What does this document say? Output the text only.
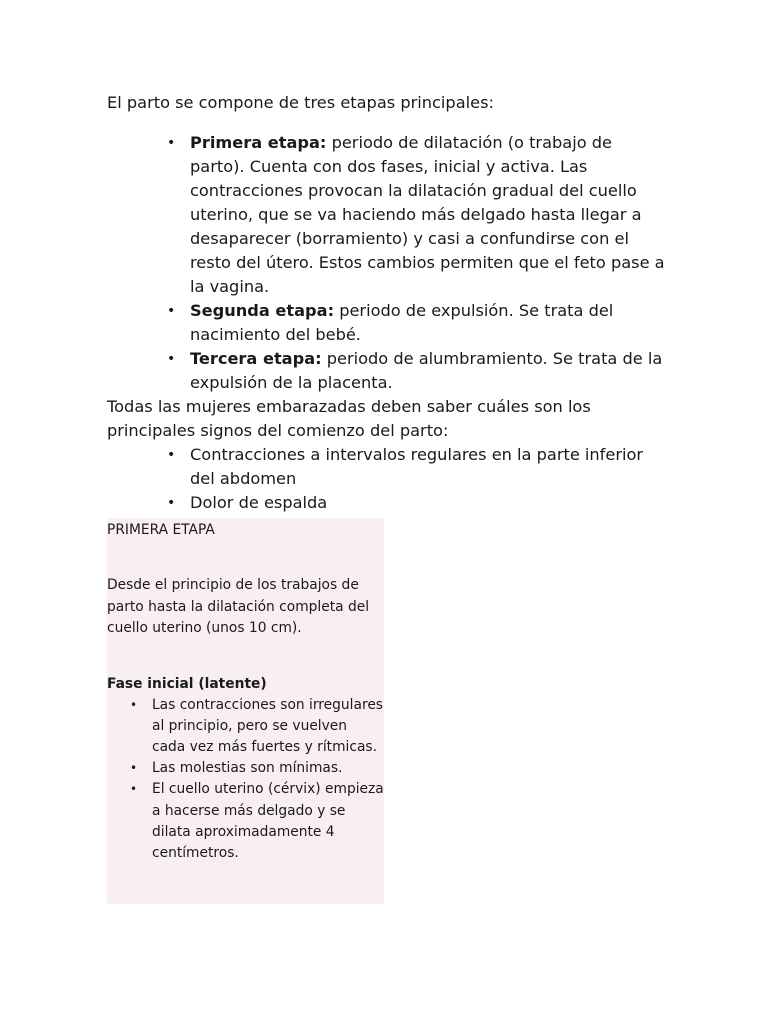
El parto se compone de tres etapas principales:

• Primera etapa: periodo de dilatación (o trabajo de parto). Cuenta con dos fases, inicial y activa. Las contracciones provocan la dilatación gradual del cuello uterino, que se va haciendo más delgado hasta llegar a desaparecer (borramiento) y casi a confundirse con el resto del útero. Estos cambios permiten que el feto pase a la vagina.
• Segunda etapa: periodo de expulsión. Se trata del nacimiento del bebé.
• Tercera etapa: periodo de alumbramiento. Se trata de la expulsión de la placenta.

Todas las mujeres embarazadas deben saber cuáles son los principales signos del comienzo del parto:

• Contracciones a intervalos regulares en la parte inferior del abdomen
• Dolor de espalda

PRIMERA ETAPA

Desde el principio de los trabajos de parto hasta la dilatación completa del cuello uterino (unos 10 cm).

Fase inicial (latente)

• Las contracciones son irregulares al principio, pero se vuelven cada vez más fuertes y rítmicas.
• Las molestias son mínimas.
• El cuello uterino (cérvix) empieza a hacerse más delgado y se dilata aproximadamente 4 centímetros.
